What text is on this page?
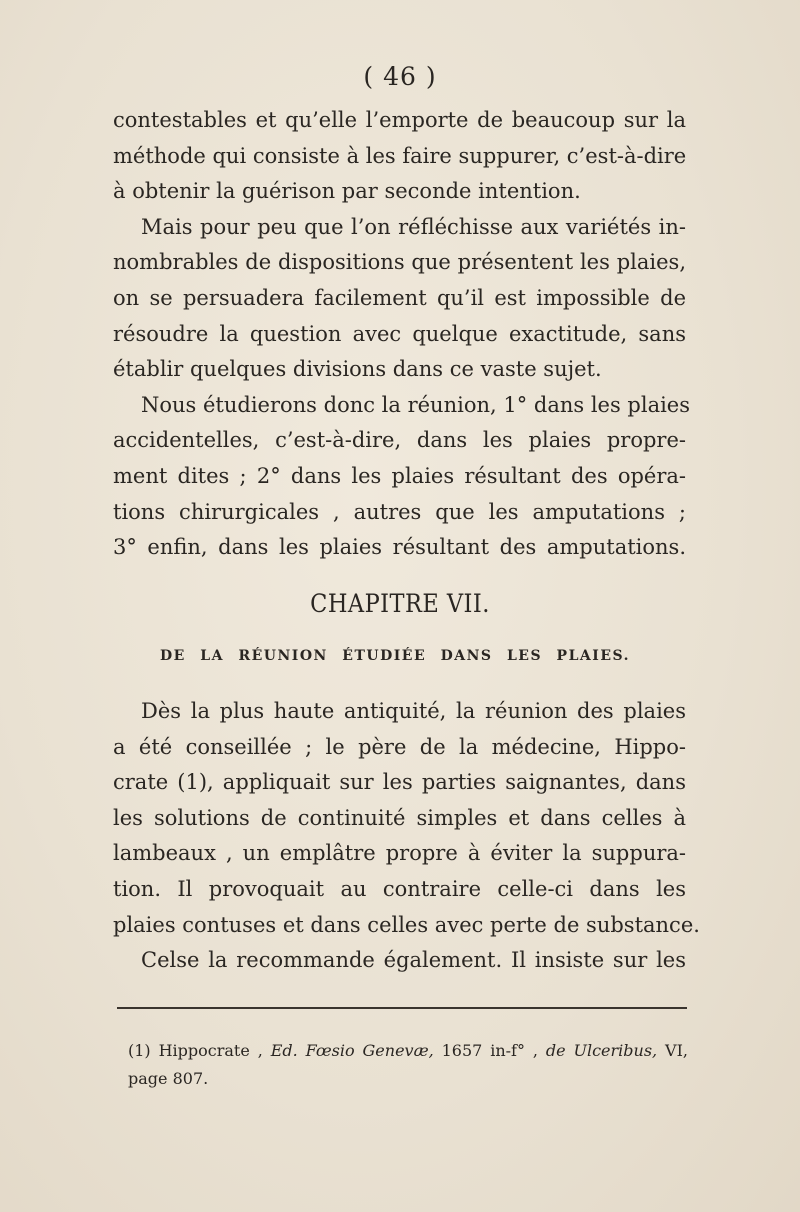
( 46 )
contestables et qu’elle l’emporte de beaucoup sur la
méthode qui consiste à les faire suppurer, c’est-à-dire
à obtenir la guérison par seconde intention.
Mais pour peu que l’on réfléchisse aux variétés in-
nombrables de dispositions que présentent les plaies,
on se persuadera facilement qu’il est impossible de
résoudre la question avec quelque exactitude, sans
établir quelques divisions dans ce vaste sujet.
Nous étudierons donc la réunion, 1° dans les plaies
accidentelles, c’est-à-dire, dans les plaies propre-
ment dites ; 2° dans les plaies résultant des opéra-
tions chirurgicales , autres que les amputations ;
3° enfin, dans les plaies résultant des amputations.
CHAPITRE VII.
DE LA RÉUNION ÉTUDIÉE DANS LES PLAIES.
Dès la plus haute antiquité, la réunion des plaies
a été conseillée ; le père de la médecine, Hippo-
crate (1), appliquait sur les parties saignantes, dans
les solutions de continuité simples et dans celles à
lambeaux , un emplâtre propre à éviter la suppura-
tion. Il provoquait au contraire celle-ci dans les
plaies contuses et dans celles avec perte de substance.
Celse la recommande également. Il insiste sur les
(1) Hippocrate , Ed. Fœsio Genevæ, 1657 in-f° , de Ulceribus, VI,
page 807.
